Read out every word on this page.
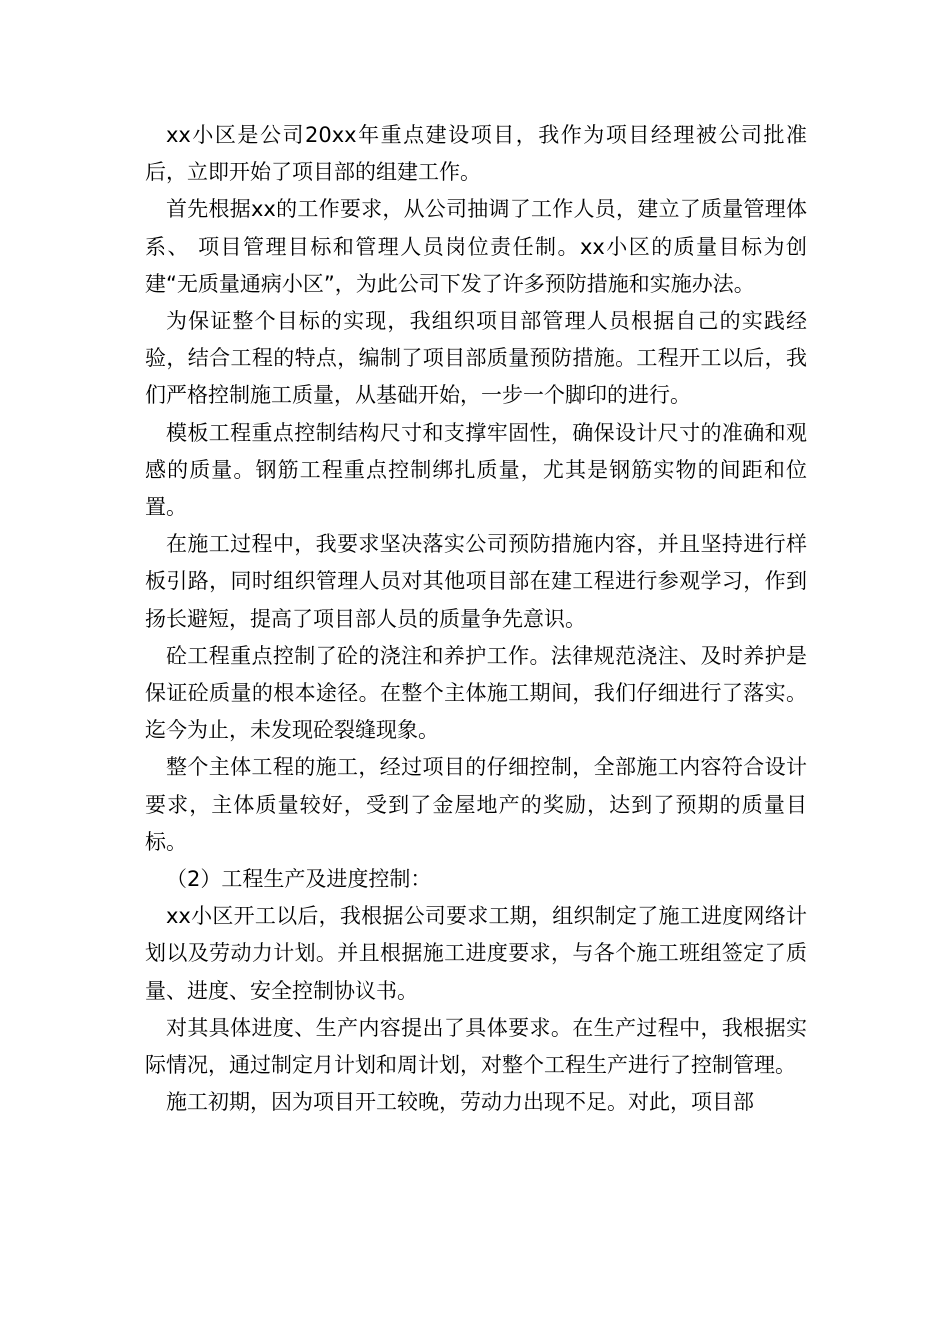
xx小区是公司20xx年重点建设项目，我作为项目经理被公司批准后，立即开始了项目部的组建工作。

首先根据xx的工作要求，从公司抽调了工作人员，建立了质量管理体系、 项目管理目标和管理人员岗位责任制。xx小区的质量目标为创建“无质量通病小区”，为此公司下发了许多预防措施和实施办法。

为保证整个目标的实现，我组织项目部管理人员根据自己的实践经验，结合工程的特点，编制了项目部质量预防措施。工程开工以后，我们严格控制施工质量，从基础开始，一步一个脚印的进行。

模板工程重点控制结构尺寸和支撑牢固性，确保设计尺寸的准确和观感的质量。钢筋工程重点控制绑扎质量，尤其是钢筋实物的间距和位置。

在施工过程中，我要求坚决落实公司预防措施内容，并且坚持进行样板引路，同时组织管理人员对其他项目部在建工程进行参观学习，作到扬长避短，提高了项目部人员的质量争先意识。

砼工程重点控制了砼的浇注和养护工作。法律规范浇注、及时养护是保证砼质量的根本途径。在整个主体施工期间，我们仔细进行了落实。迄今为止，未发现砼裂缝现象。

整个主体工程的施工，经过项目的仔细控制，全部施工内容符合设计要求，主体质量较好，受到了金屋地产的奖励，达到了预期的质量目标。

（2）工程生产及进度控制：

xx小区开工以后，我根据公司要求工期，组织制定了施工进度网络计划以及劳动力计划。并且根据施工进度要求，与各个施工班组签定了质量、进度、安全控制协议书。

对其具体进度、生产内容提出了具体要求。在生产过程中，我根据实际情况，通过制定月计划和周计划，对整个工程生产进行了控制管理。

施工初期，因为项目开工较晚，劳动力出现不足。对此，项目部
